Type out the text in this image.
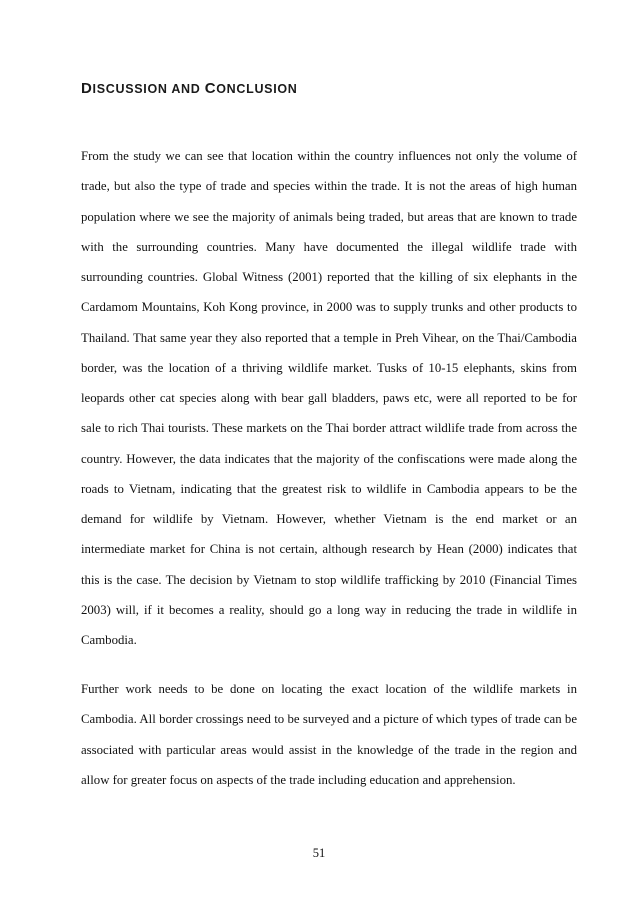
DISCUSSION AND CONCLUSION

From the study we can see that location within the country influences not only the volume of trade, but also the type of trade and species within the trade. It is not the areas of high human population where we see the majority of animals being traded, but areas that are known to trade with the surrounding countries. Many have documented the illegal wildlife trade with surrounding countries. Global Witness (2001) reported that the killing of six elephants in the Cardamom Mountains, Koh Kong province, in 2000 was to supply trunks and other products to Thailand. That same year they also reported that a temple in Preh Vihear, on the Thai/Cambodia border, was the location of a thriving wildlife market. Tusks of 10-15 elephants, skins from leopards other cat species along with bear gall bladders, paws etc, were all reported to be for sale to rich Thai tourists. These markets on the Thai border attract wildlife trade from across the country. However, the data indicates that the majority of the confiscations were made along the roads to Vietnam, indicating that the greatest risk to wildlife in Cambodia appears to be the demand for wildlife by Vietnam. However, whether Vietnam is the end market or an intermediate market for China is not certain, although research by Hean (2000) indicates that this is the case. The decision by Vietnam to stop wildlife trafficking by 2010 (Financial Times 2003) will, if it becomes a reality, should go a long way in reducing the trade in wildlife in Cambodia.

Further work needs to be done on locating the exact location of the wildlife markets in Cambodia. All border crossings need to be surveyed and a picture of which types of trade can be associated with particular areas would assist in the knowledge of the trade in the region and allow for greater focus on aspects of the trade including education and apprehension.

51
